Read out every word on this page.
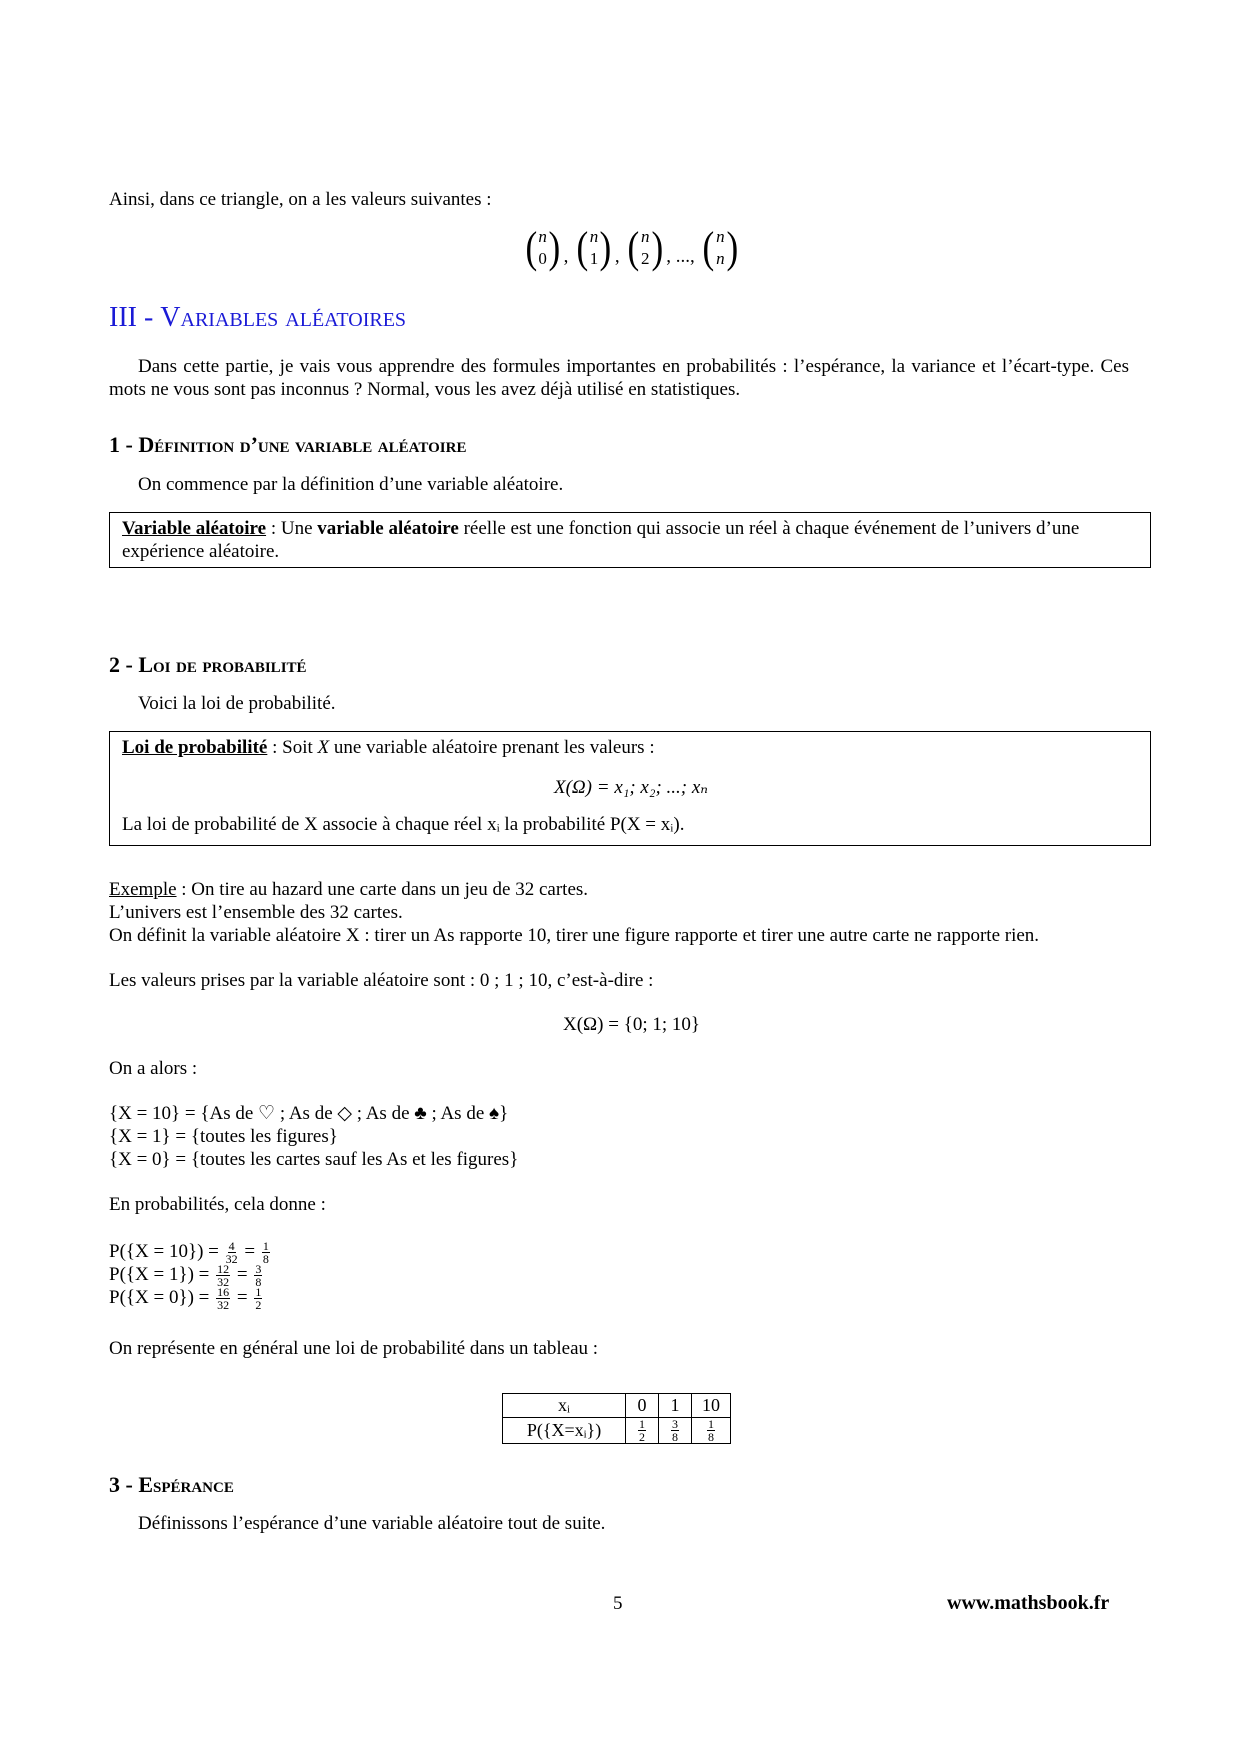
Ainsi, dans ce triangle, on a les valeurs suivantes :
( n
0 ) , ( n
1 ) , ( n
2 ) , ..., ( n
n )
III - Variables aléatoires
Dans cette partie, je vais vous apprendre des formules importantes en probabilités : l’espérance, la variance et l’écart-type. Ces mots ne vous sont pas inconnus ? Normal, vous les avez déjà utilisé en statistiques.
1 - Définition d’une variable aléatoire
On commence par la définition d’une variable aléatoire.
Variable aléatoire : Une variable aléatoire réelle est une fonction qui associe un réel à chaque événement de l’univers d’une expérience aléatoire.
2 - Loi de probabilité
Voici la loi de probabilité.
Loi de probabilité : Soit X une variable aléatoire prenant les valeurs :
X(Ω) = x₁; x₂; ...; xₙ
La loi de probabilité de X associe à chaque réel xᵢ la probabilité P(X = xᵢ).
Exemple : On tire au hazard une carte dans un jeu de 32 cartes.
L’univers est l’ensemble des 32 cartes.
On définit la variable aléatoire X : tirer un As rapporte 10, tirer une figure rapporte et tirer une autre carte ne rapporte rien.
Les valeurs prises par la variable aléatoire sont : 0 ; 1 ; 10, c’est-à-dire :
X(Ω) = {0; 1; 10}
On a alors :
{X = 10} = {As de ♡ ; As de ◇ ; As de ♣ ; As de ♠}
{X = 1} = {toutes les figures}
{X = 0} = {toutes les cartes sauf les As et les figures}
En probabilités, cela donne :
$P(\{X = 10\}) = \frac{4}{32} = \frac{1}{8}$
$P(\{X = 1\}) = \frac{12}{32} = \frac{3}{8}$
$P(\{X = 0\}) = \frac{16}{32} = \frac{1}{2}$
On représente en général une loi de probabilité dans un tableau :
xᵢ	0	1	10
P({X=xᵢ})	$\frac{1}{2}$	$\frac{3}{8}$	$\frac{1}{8}$
3 - Espérance
Définissons l’espérance d’une variable aléatoire tout de suite.
5	www.mathsbook.fr
